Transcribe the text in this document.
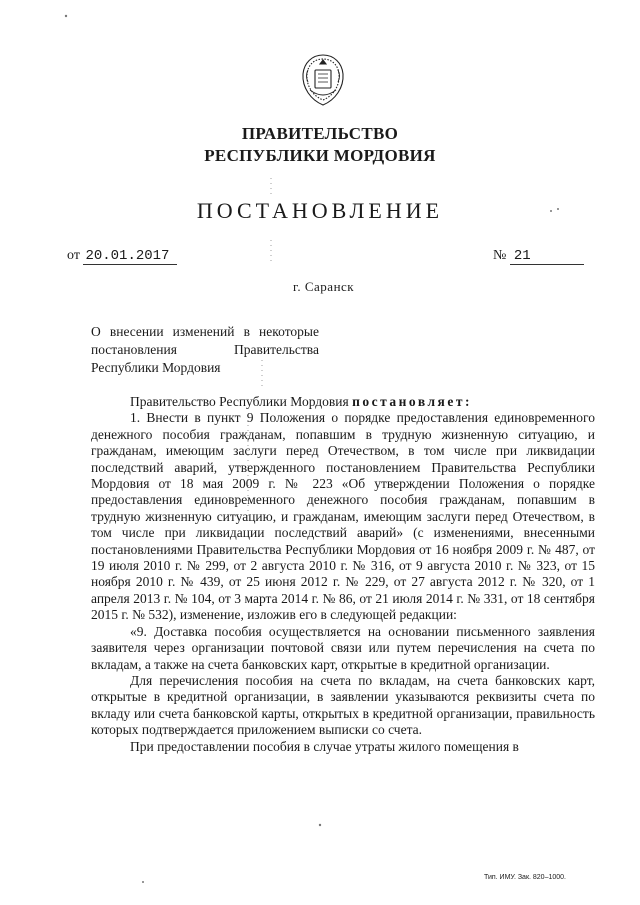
ПРАВИТЕЛЬСТВО
РЕСПУБЛИКИ МОРДОВИЯ
ПОСТАНОВЛЕНИЕ
от 20.01.2017	№ 21
г. Саранск
О внесении изменений в некоторые
постановления Правительства
Республики Мордовия

Правительство Республики Мордовия постановляет:

1. Внести в пункт 9 Положения о порядке предоставления единовременного денежного пособия гражданам, попавшим в трудную жизненную ситуацию, и гражданам, имеющим заслуги перед Отечеством, в том числе при ликвидации последствий аварий, утвержденного постановлением Правительства Республики Мордовия от 18 мая 2009 г. № 223 «Об утверждении Положения о порядке предоставления единовременного денежного пособия гражданам, попавшим в трудную жизненную ситуацию, и гражданам, имеющим заслуги перед Отечеством, в том числе при ликвидации последствий аварий» (с изменениями, внесенными постановлениями Правительства Республики Мордовия от 16 ноября 2009 г. № 487, от 19 июля 2010 г. № 299, от 2 августа 2010 г. № 316, от 9 августа 2010 г. № 323, от 15 ноября 2010 г. № 439, от 25 июня 2012 г. № 229, от 27 августа 2012 г. № 320, от 1 апреля 2013 г. № 104, от 3 марта 2014 г. № 86, от 21 июля 2014 г. № 331, от 18 сентября 2015 г. № 532), изменение, изложив его в следующей редакции:

«9. Доставка пособия осуществляется на основании письменного заявления заявителя через организации почтовой связи или путем перечисления на счета по вкладам, а также на счета банковских карт, открытые в кредитной организации.

Для перечисления пособия на счета по вкладам, на счета банковских карт, открытые в кредитной организации, в заявлении указываются реквизиты счета по вкладу или счета банковской карты, открытых в кредитной организации, правильность которых подтверждается приложением выписки со счета.

При предоставлении пособия в случае утраты жилого помещения в

Тип. ИМУ. Зак. 820–1000.
